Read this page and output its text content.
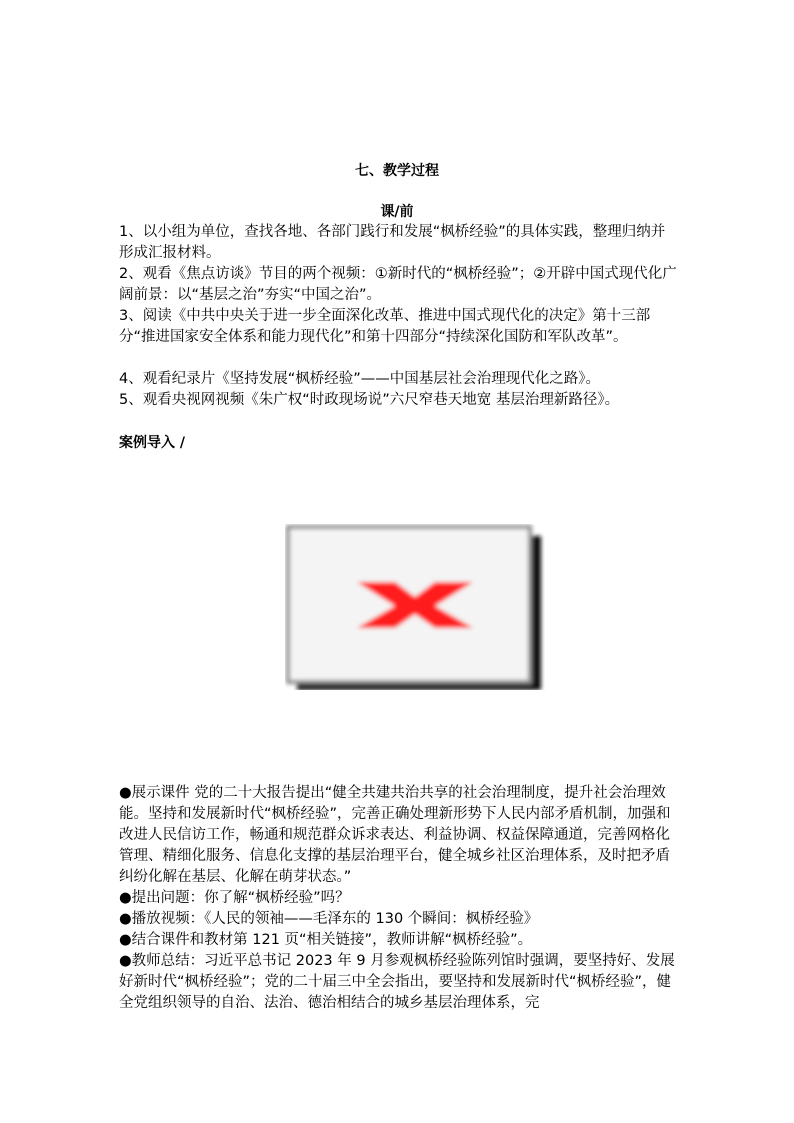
七、教学过程
课/前

1、以小组为单位，查找各地、各部门践行和发展“枫桥经验”的具体实践，整理归纳并形成汇报材料。

2、观看《焦点访谈》节目的两个视频：①新时代的“枫桥经验”；②开辟中国式现代化广阔前景：以“基层之治”夯实“中国之治”。

3、阅读《中共中央关于进一步全面深化改革、推进中国式现代化的决定》第十三部分“推进国家安全体系和能力现代化”和第十四部分“持续深化国防和军队改革”。

4、观看纪录片《坚持发展“枫桥经验”——中国基层社会治理现代化之路》。

5、观看央视网视频《朱广权“时政现场说”六尺窄巷天地宽 基层治理新路径》。

案例导入 /

●展示课件 党的二十大报告提出“健全共建共治共享的社会治理制度，提升社会治理效能。坚持和发展新时代“枫桥经验”，完善正确处理新形势下人民内部矛盾机制，加强和改进人民信访工作，畅通和规范群众诉求表达、利益协调、权益保障通道，完善网格化管理、精细化服务、信息化支撑的基层治理平台，健全城乡社区治理体系，及时把矛盾纠纷化解在基层、化解在萌芽状态。”

●提出问题：你了解“枫桥经验”吗？

●播放视频：《人民的领袖——毛泽东的 130 个瞬间：枫桥经验》

●结合课件和教材第 121 页“相关链接”，教师讲解“枫桥经验”。

●教师总结：习近平总书记 2023 年 9 月参观枫桥经验陈列馆时强调，要坚持好、发展好新时代“枫桥经验”；党的二十届三中全会指出，要坚持和发展新时代“枫桥经验”，健全党组织领导的自治、法治、德治相结合的城乡基层治理体系，完
